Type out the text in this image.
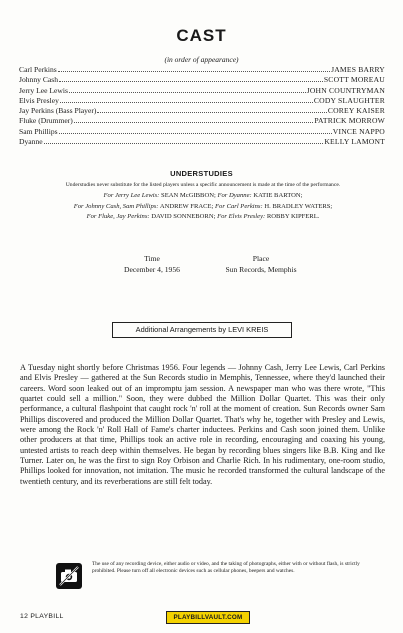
CAST
(in order of appearance)
Carl Perkins	JAMES BARRY
Johnny Cash	SCOTT MOREAU
Jerry Lee Lewis	JOHN COUNTRYMAN
Elvis Presley	CODY SLAUGHTER
Jay Perkins (Bass Player)	COREY KAISER
Fluke (Drummer)	PATRICK MORROW
Sam Phillips	VINCE NAPPO
Dyanne	KELLY LAMONT
UNDERSTUDIES
Understudies never substitute for the listed players unless a specific announcement is made at the time of the performance.
For Jerry Lee Lewis: SEAN McGIBBON; For Dyanne: KATIE BARTON;
For Johnny Cash, Sam Phillips: ANDREW FRACE; For Carl Perkins: H. BRADLEY WATERS;
For Fluke, Jay Perkins: DAVID SONNEBORN; For Elvis Presley: ROBBY KIPFERL.
Time
December 4, 1956
Place
Sun Records, Memphis
Additional Arrangements by LEVI KREIS
A Tuesday night shortly before Christmas 1956. Four legends — Johnny Cash, Jerry Lee Lewis, Carl Perkins and Elvis Presley — gathered at the Sun Records studio in Memphis, Tennessee, where they'd launched their careers. Word soon leaked out of an impromptu jam session. A newspaper man who was there wrote, "This quartet could sell a million." Soon, they were dubbed the Million Dollar Quartet. This was their only performance, a cultural flashpoint that caught rock 'n' roll at the moment of creation. Sun Records owner Sam Phillips discovered and produced the Million Dollar Quartet. That's why he, together with Presley and Lewis, were among the Rock 'n' Roll Hall of Fame's charter inductees. Perkins and Cash soon joined them. Unlike other producers at that time, Phillips took an active role in recording, encouraging and coaxing his young, untested artists to reach deep within themselves. He began by recording blues singers like B.B. King and Ike Turner. Later on, he was the first to sign Roy Orbison and Charlie Rich. In his rudimentary, one-room studio, Phillips looked for innovation, not imitation. The music he recorded transformed the cultural landscape of the twentieth century, and its reverberations are still felt today.
The use of any recording device, either audio or video, and the taking of photographs, either with or without flash, is strictly prohibited. Please turn off all electronic devices such as cellular phones, beepers and watches.
12 PLAYBILL	PLAYBILLVAULT.COM
